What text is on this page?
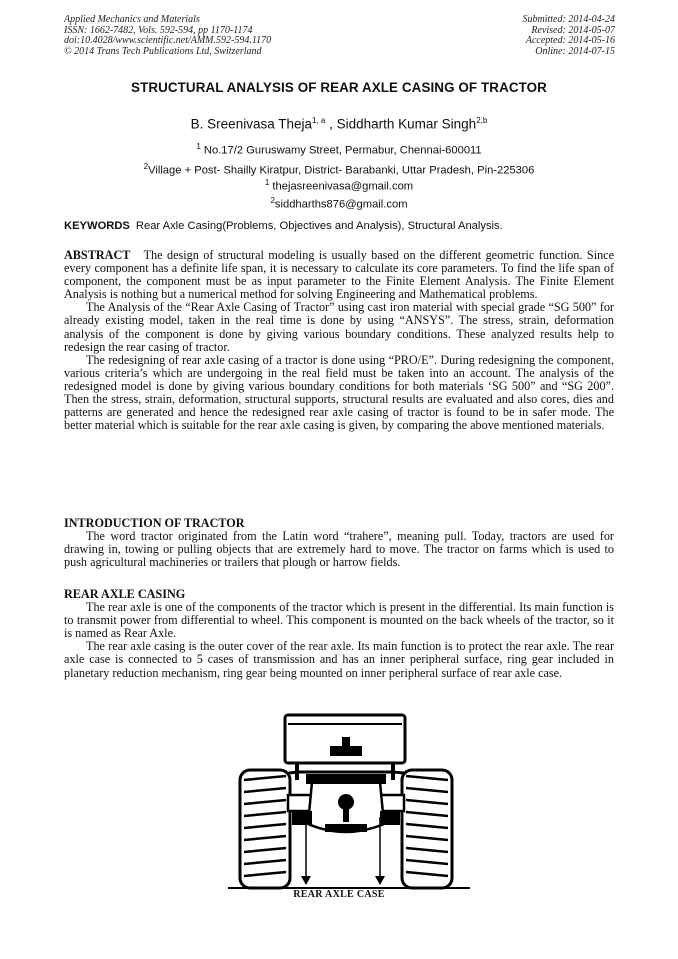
Applied Mechanics and Materials
ISSN: 1662-7482, Vols. 592-594, pp 1170-1174
doi:10.4028/www.scientific.net/AMM.592-594.1170
© 2014 Trans Tech Publications Ltd, Switzerland
Submitted: 2014-04-24
Revised: 2014-05-07
Accepted: 2014-05-16
Online: 2014-07-15
STRUCTURAL ANALYSIS OF REAR AXLE CASING OF TRACTOR
B. Sreenivasa Theja$^{1, a}$ , Siddharth Kumar Singh$^{2,b}$
$^1$ No.17/2 Guruswamy Street, Permabur, Chennai-600011
$^2$Village + Post- Shailly Kiratpur, District- Barabanki, Uttar Pradesh, Pin-225306
$^1$ thejasreenivasa@gmail.com
$^2$siddharths876@gmail.com
KEYWORDS Rear Axle Casing(Problems, Objectives and Analysis), Structural Analysis.

ABSTRACT The design of structural modeling is usually based on the different geometric function. Since every component has a definite life span, it is necessary to calculate its core parameters. To find the life span of component, the component must be as input parameter to the Finite Element Analysis. The Finite Element Analysis is nothing but a numerical method for solving Engineering and Mathematical problems.

The Analysis of the “Rear Axle Casing of Tractor” using cast iron material with special grade “SG 500” for already existing model, taken in the real time is done by using “ANSYS”. The stress, strain, deformation analysis of the component is done by giving various boundary conditions. These analyzed results help to redesign the rear casing of tractor.

The redesigning of rear axle casing of a tractor is done using “PRO/E”. During redesigning the component, various criteria’s which are undergoing in the real field must be taken into an account. The analysis of the redesigned model is done by giving various boundary conditions for both materials ‘SG 500” and “SG 200”. Then the stress, strain, deformation, structural supports, structural results are evaluated and also cores, dies and patterns are generated and hence the redesigned rear axle casing of tractor is found to be in safer mode. The better material which is suitable for the rear axle casing is given, by comparing the above mentioned materials.

INTRODUCTION OF TRACTOR

The word tractor originated from the Latin word “trahere”, meaning pull. Today, tractors are used for drawing in, towing or pulling objects that are extremely hard to move. The tractor on farms which is used to push agricultural machineries or trailers that plough or harrow fields.

REAR AXLE CASING

The rear axle is one of the components of the tractor which is present in the differential. Its main function is to transmit power from differential to wheel. This component is mounted on the back wheels of the tractor, so it is named as Rear Axle.

The rear axle casing is the outer cover of the rear axle. Its main function is to protect the rear axle. The rear axle case is connected to 5 cases of transmission and has an inner peripheral surface, ring gear included in planetary reduction mechanism, ring gear being mounted on inner peripheral surface of rear axle case.

REAR AXLE CASE
